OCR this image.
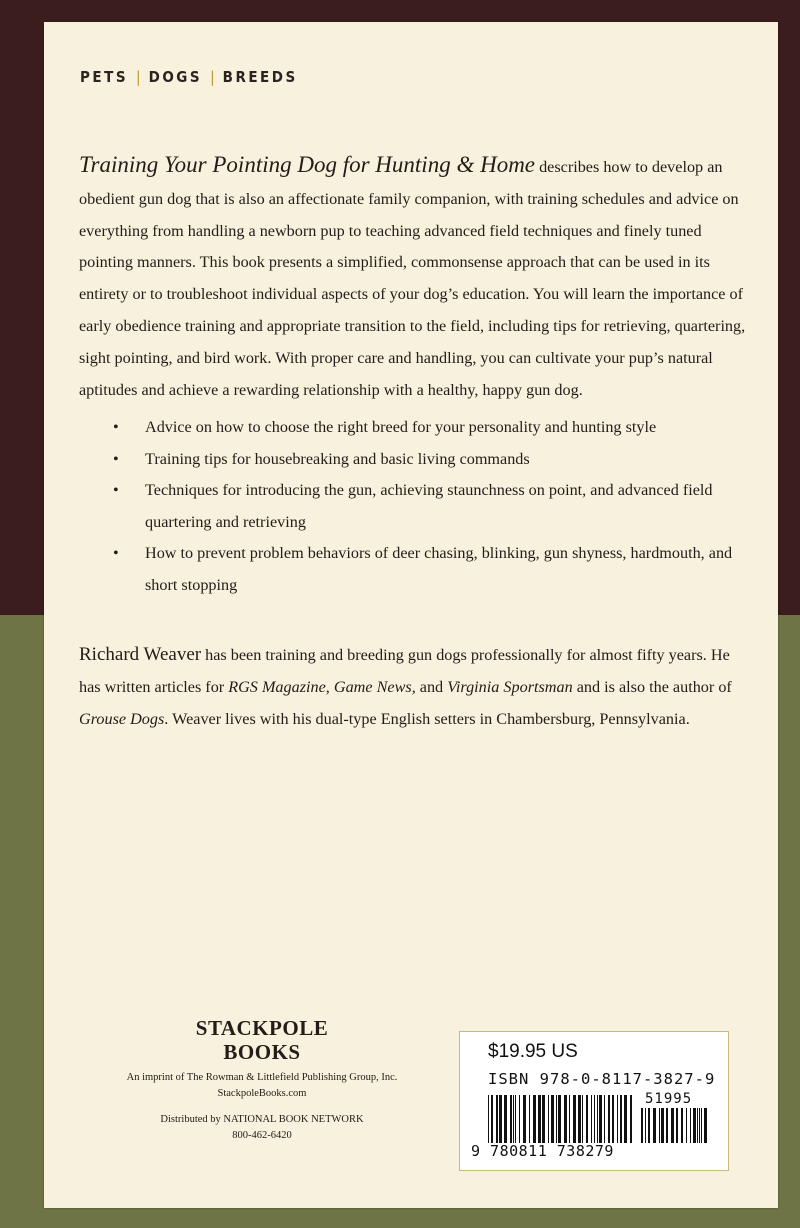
PETS | DOGS | BREEDS

Training Your Pointing Dog for Hunting & Home describes how to develop an obedient gun dog that is also an affectionate family companion, with training schedules and advice on everything from handling a newborn pup to teaching advanced field techniques and finely tuned pointing manners. This book presents a simplified, commonsense approach that can be used in its entirety or to troubleshoot individual aspects of your dog’s education. You will learn the importance of early obedience training and appropriate transition to the field, including tips for retrieving, quartering, sight pointing, and bird work. With proper care and handling, you can cultivate your pup’s natural aptitudes and achieve a rewarding relationship with a healthy, happy gun dog.

• Advice on how to choose the right breed for your personality and hunting style
• Training tips for housebreaking and basic living commands
• Techniques for introducing the gun, achieving staunchness on point, and advanced field quartering and retrieving
• How to prevent problem behaviors of deer chasing, blinking, gun shyness, hardmouth, and short stopping

Richard Weaver has been training and breeding gun dogs professionally for almost fifty years. He has written articles for RGS Magazine, Game News, and Virginia Sportsman and is also the author of Grouse Dogs. Weaver lives with his dual-type English setters in Chambersburg, Pennsylvania.

STACKPOLE
BOOKS
An imprint of The Rowman & Littlefield Publishing Group, Inc.
StackpoleBooks.com
Distributed by NATIONAL BOOK NETWORK
800-462-6420
$19.95 US
ISBN 978-0-8117-3827-9
51995
9 780811 738279
